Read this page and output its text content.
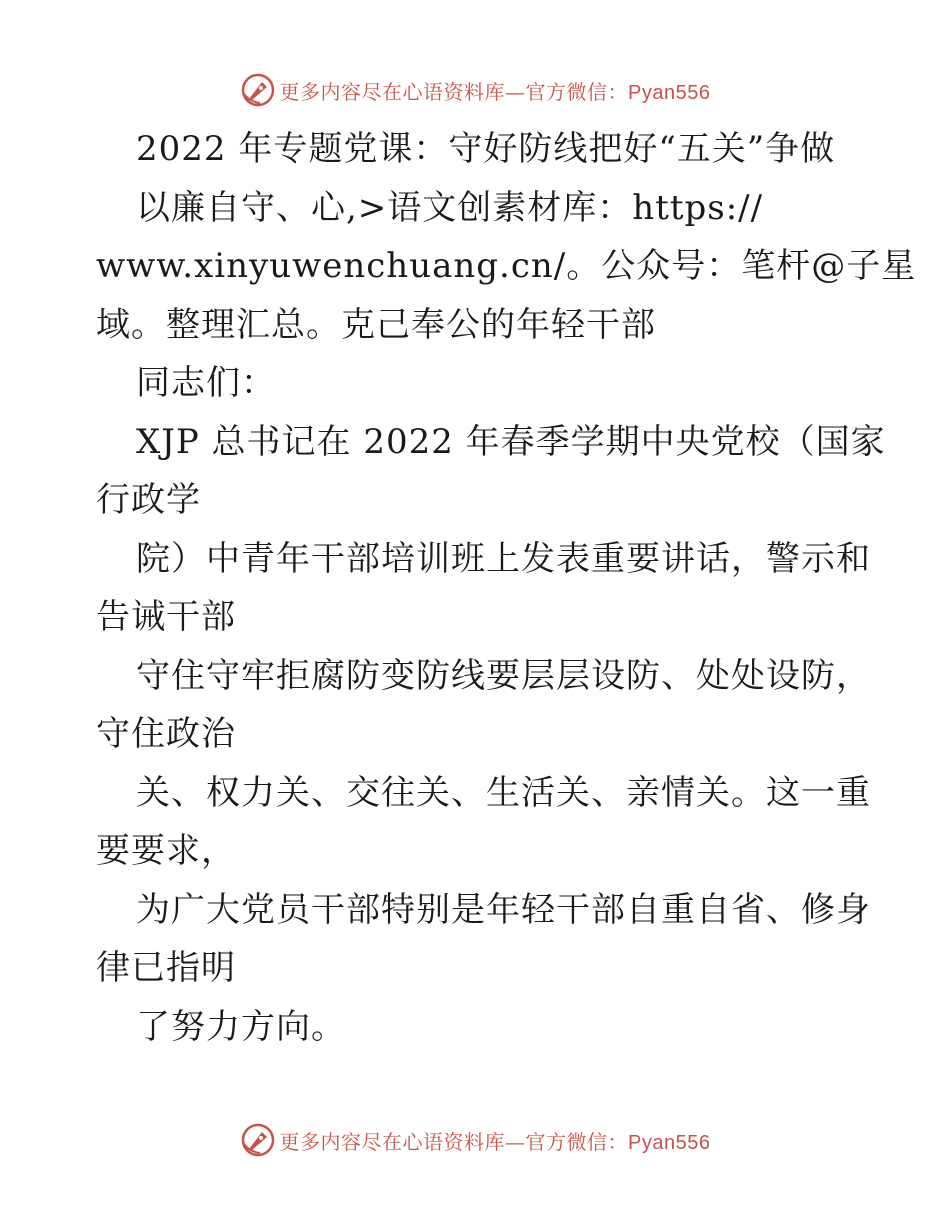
更多内容尽在心语资料库—官方微信：Pyan556
2022 年专题党课：守好防线把好“五关”争做
以廉自守、心,>语文创素材库：https://
www.xinyuwenchuang.cn/。公众号：笔杆@子星
域。整理汇总。克己奉公的年轻干部
同志们：
XJP 总书记在 2022 年春季学期中央党校（国家
行政学
院）中青年干部培训班上发表重要讲话，警示和
告诫干部
守住守牢拒腐防变防线要层层设防、处处设防，
守住政治
关、权力关、交往关、生活关、亲情关。这一重
要要求，
为广大党员干部特别是年轻干部自重自省、修身
律已指明
了努力方向。
更多内容尽在心语资料库—官方微信：Pyan556
